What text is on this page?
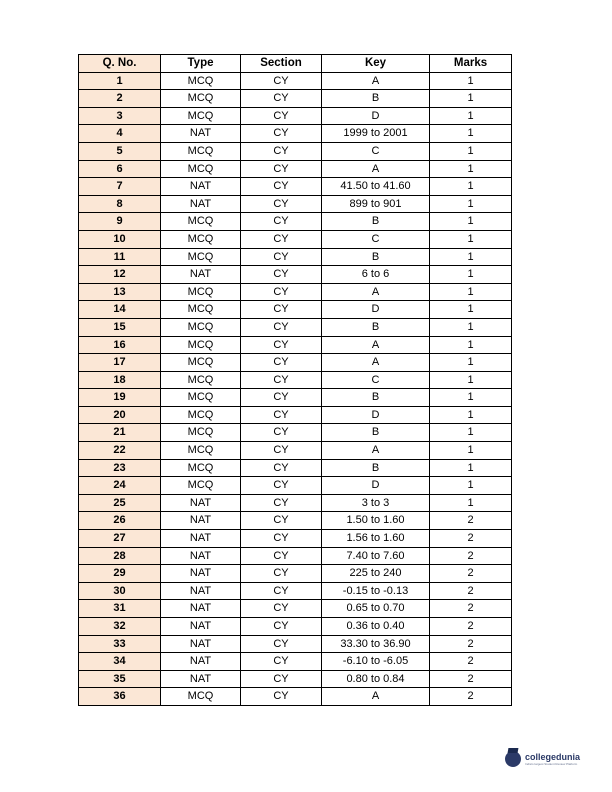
Q. No.	Type	Section	Key	Marks
1	MCQ	CY	A	1
2	MCQ	CY	B	1
3	MCQ	CY	D	1
4	NAT	CY	1999 to 2001	1
5	MCQ	CY	C	1
6	MCQ	CY	A	1
7	NAT	CY	41.50 to 41.60	1
8	NAT	CY	899 to 901	1
9	MCQ	CY	B	1
10	MCQ	CY	C	1
11	MCQ	CY	B	1
12	NAT	CY	6 to 6	1
13	MCQ	CY	A	1
14	MCQ	CY	D	1
15	MCQ	CY	B	1
16	MCQ	CY	A	1
17	MCQ	CY	A	1
18	MCQ	CY	C	1
19	MCQ	CY	B	1
20	MCQ	CY	D	1
21	MCQ	CY	B	1
22	MCQ	CY	A	1
23	MCQ	CY	B	1
24	MCQ	CY	D	1
25	NAT	CY	3 to 3	1
26	NAT	CY	1.50 to 1.60	2
27	NAT	CY	1.56 to 1.60	2
28	NAT	CY	7.40 to 7.60	2
29	NAT	CY	225 to 240	2
30	NAT	CY	-0.15 to -0.13	2
31	NAT	CY	0.65 to 0.70	2
32	NAT	CY	0.36 to 0.40	2
33	NAT	CY	33.30 to 36.90	2
34	NAT	CY	-6.10 to -6.05	2
35	NAT	CY	0.80 to 0.84	2
36	MCQ	CY	A	2
collegedunia
India's largest Student Review Platform
